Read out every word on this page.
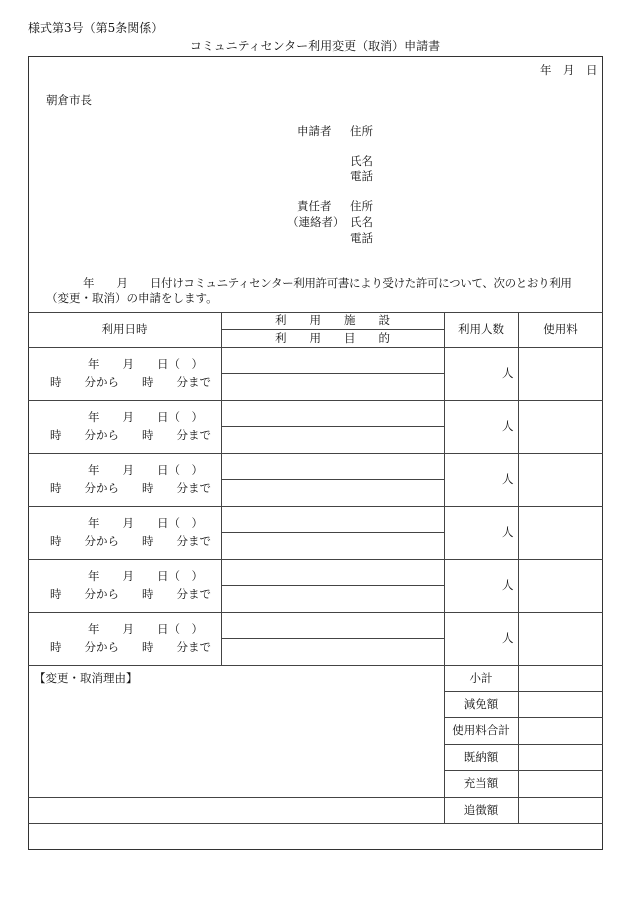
様式第3号（第5条関係）
コミュニティセンター利用変更（取消）申請書
年　月　日
朝倉市長
申請者 住所
氏名
電話
責任者
（連絡者）
住所
氏名
電話
年　　月　　日付けコミュニティセンター利用許可書により受けた許可について、次のとおり利用
（変更・取消）の申請をします。
利用日時
利　　用　　施　　設
利　　用　　目　　的
利用人数	使用料
年　　月　　日（　）
時　　分から　　時　　分まで
人
年　　月　　日（　）
時　　分から　　時　　分まで
人
年　　月　　日（　）
時　　分から　　時　　分まで
人
年　　月　　日（　）
時　　分から　　時　　分まで
人
年　　月　　日（　）
時　　分から　　時　　分まで
人
年　　月　　日（　）
時　　分から　　時　　分まで
人
【変更・取消理由】	小計
減免額
使用料合計
既納額
充当額
追徴額
